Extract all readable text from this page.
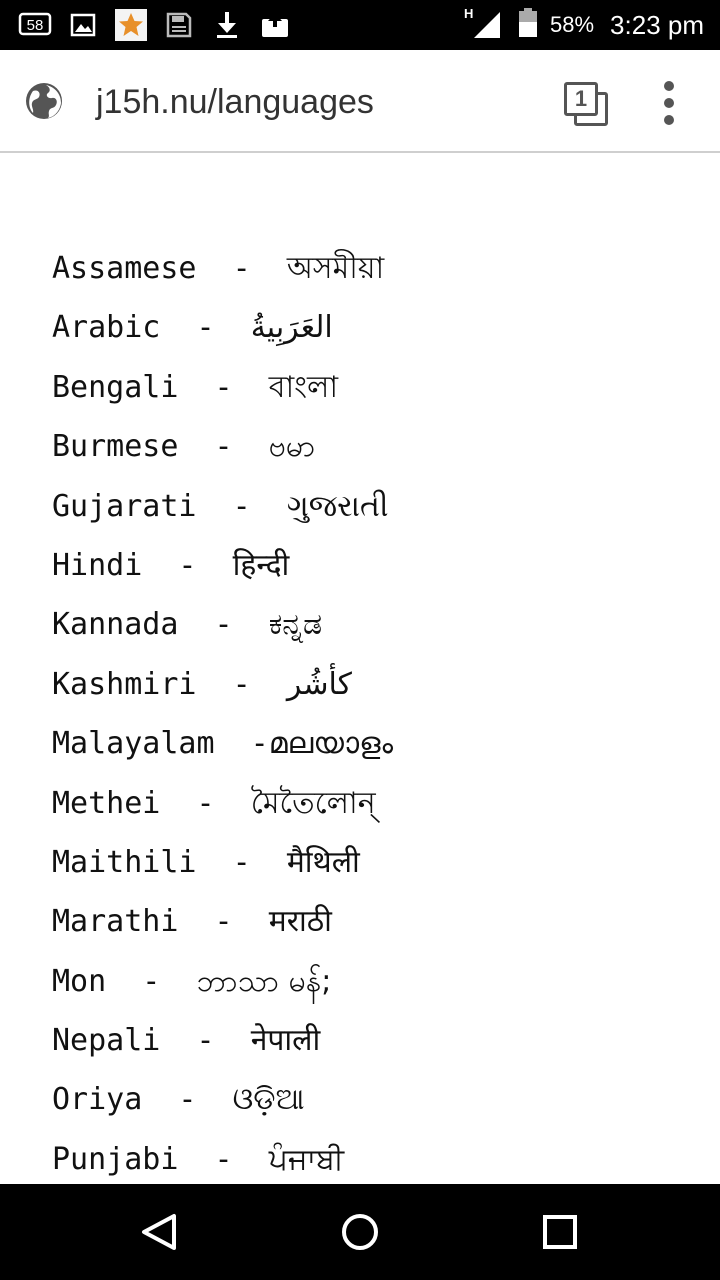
58
H	58% 3:23 pm
j15h.nu/languages	1
Assamese  -  অসমীয়া
Arabic  -  العَرَبِيةُ
Bengali  -  বাংলা
Burmese  -  ဗမာ
Gujarati  -  ગુજરાતી
Hindi  -  हिन्दी
Kannada  -  ಕನ್ನಡ
Kashmiri  -  كأشُر
Malayalam  -മലയാളം
Methei  -  মৈতৈলোন্
Maithili  -  मैथिली
Marathi  -  मराठी
Mon  -  ဘာသာ မန်;
Nepali  -  नेपाली
Oriya  -  ଓଡ଼ିଆ
Punjabi  -  ਪੰਜਾਬੀ
